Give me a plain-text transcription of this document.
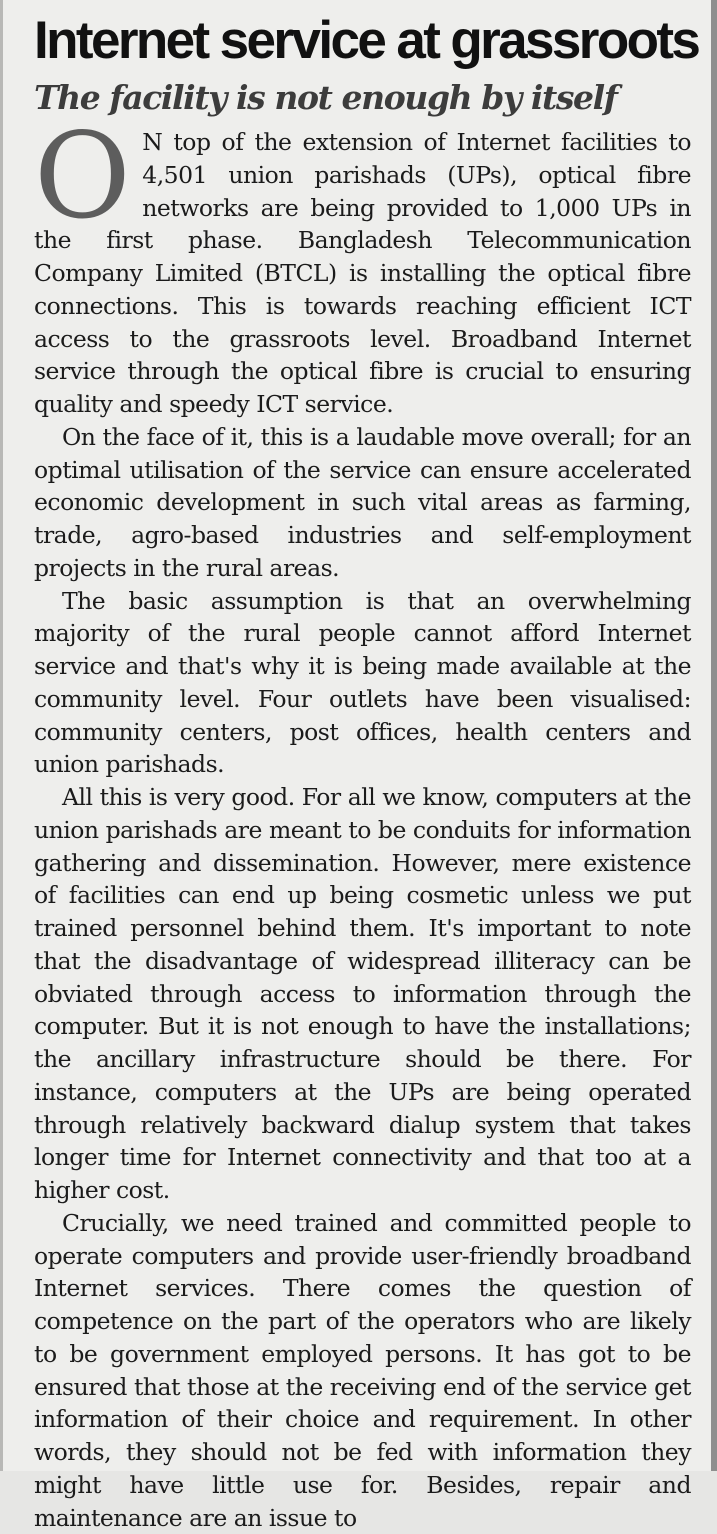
Internet service at grassroots
The facility is not enough by itself

O N top of the extension of Internet facilities to 4,501 union parishads (UPs), optical fibre networks are being provided to 1,000 UPs in the first phase. Bangladesh Telecommunication Company Limited (BTCL) is installing the optical fibre connections. This is towards reaching efficient ICT access to the grassroots level. Broadband Internet service through the optical fibre is crucial to ensuring quality and speedy ICT service.

On the face of it, this is a laudable move overall; for an optimal utilisation of the service can ensure accelerated economic development in such vital areas as farming, trade, agro-based industries and self-employment projects in the rural areas.

The basic assumption is that an overwhelming majority of the rural people cannot afford Internet service and that's why it is being made available at the community level. Four outlets have been visualised: community centers, post offices, health centers and union parishads.

All this is very good. For all we know, computers at the union parishads are meant to be conduits for information gathering and dissemination. However, mere existence of facilities can end up being cosmetic unless we put trained personnel behind them. It's important to note that the disadvantage of widespread illiteracy can be obviated through access to information through the computer. But it is not enough to have the installations; the ancillary infrastructure should be there. For instance, computers at the UPs are being operated through relatively backward dialup system that takes longer time for Internet connectivity and that too at a higher cost.

Crucially, we need trained and committed people to operate computers and provide user-friendly broadband Internet services. There comes the question of competence on the part of the operators who are likely to be government employed persons. It has got to be ensured that those at the receiving end of the service get information of their choice and requirement. In other words, they should not be fed with information they might have little use for. Besides, repair and maintenance are an issue to
